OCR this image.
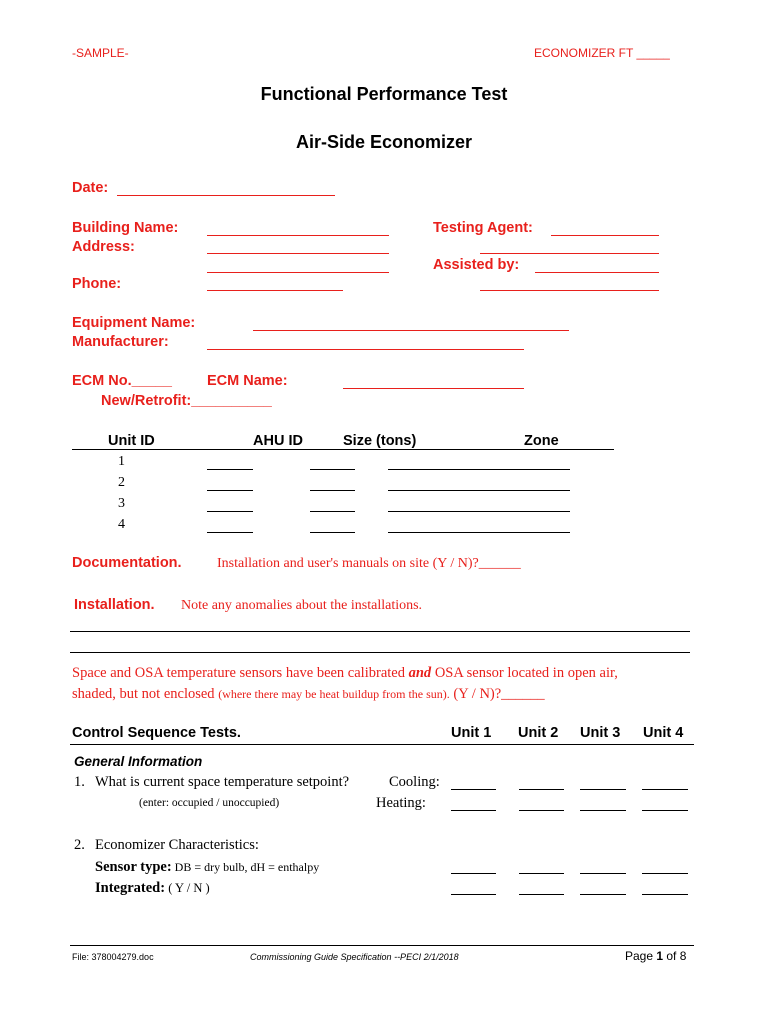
-SAMPLE-	ECONOMIZER FT _____
Functional Performance Test
Air-Side Economizer
Date:
Building Name:
Address:
Phone:
Testing Agent:
Assisted by:
Equipment Name:
Manufacturer:
ECM No._____ ECM Name:
New/Retrofit:__________
Unit ID	AHU ID	Size (tons)	Zone
1
2
3
4
Documentation.	Installation and user's manuals on site (Y / N)?______
Installation. Note any anomalies about the installations.
Space and OSA temperature sensors have been calibrated and OSA sensor located in open air,
shaded, but not enclosed (where there may be heat buildup from the sun). (Y / N)?______
Control Sequence Tests.	Unit 1 Unit 2 Unit 3 Unit 4
General Information
1. What is current space temperature setpoint?	Cooling:
(enter: occupied / unoccupied)	Heating:
2. Economizer Characteristics:
Sensor type: DB = dry bulb, dH = enthalpy
Integrated: ( Y / N )
File: 378004279.doc	Commissioning Guide Specification --PECI 2/1/2018	Page 1 of 8
